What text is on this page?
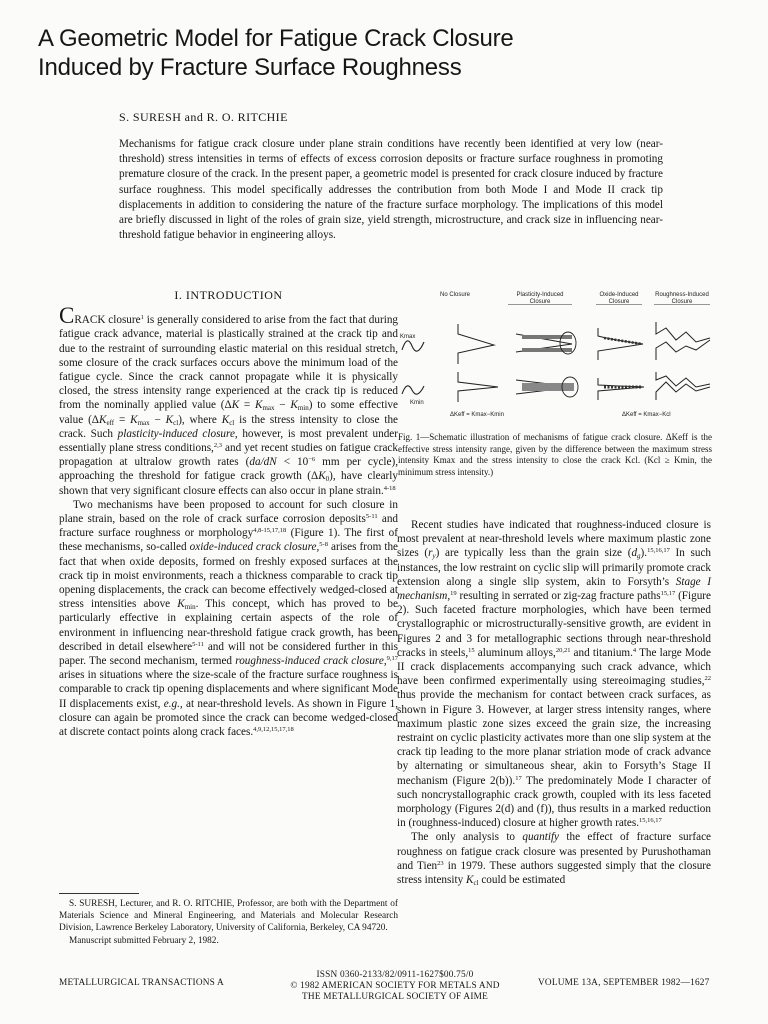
A Geometric Model for Fatigue Crack Closure
Induced by Fracture Surface Roughness
S. SURESH and R. O. RITCHIE
Mechanisms for fatigue crack closure under plane strain conditions have recently been identified at very low (near-threshold) stress intensities in terms of effects of excess corrosion deposits or fracture surface roughness in promoting premature closure of the crack. In the present paper, a geometric model is presented for crack closure induced by fracture surface roughness. This model specifically addresses the contribution from both Mode I and Mode II crack tip displacements in addition to considering the nature of the fracture surface morphology. The implications of this model are briefly discussed in light of the roles of grain size, yield strength, microstructure, and crack size in influencing near-threshold fatigue behavior in engineering alloys.
I. INTRODUCTION

CRACK closure$^1$ is generally considered to arise from the fact that during fatigue crack advance, material is plastically strained at the crack tip and due to the restraint of surrounding elastic material on this residual stretch, some closure of the crack surfaces occurs above the minimum load of the fatigue cycle. Since the crack cannot propagate while it is physically closed, the stress intensity range experienced at the crack tip is reduced from the nominally applied value $(\Delta K = K_{max} - K_{min})$ to some effective value $(\Delta K_{eff} = K_{max} - K_{cl})$, where $K_{cl}$ is the stress intensity to close the crack. Such plasticity-induced closure, however, is most prevalent under essentially plane stress conditions,$^{2,3}$ and yet recent studies on fatigue crack propagation at ultralow growth rates ($da/dN < 10^{-6}$ mm per cycle), approaching the threshold for fatigue crack growth $(\Delta K_0)$, have clearly shown that very significant closure effects can also occur in plane strain.$^{4-18}$

Two mechanisms have been proposed to account for such closure in plane strain, based on the role of crack surface corrosion deposits$^{5-11}$ and fracture surface roughness or morphology$^{4,8-15,17,18}$ (Figure 1). The first of these mechanisms, so-called oxide-induced crack closure,$^{5-8}$ arises from the fact that when oxide deposits, formed on freshly exposed surfaces at the crack tip in moist environments, reach a thickness comparable to crack tip opening displacements, the crack can become effectively wedged-closed at stress intensities above $K_{min}$. This concept, which has proved to be particularly effective in explaining certain aspects of the role of environment in influencing near-threshold fatigue crack growth, has been described in detail elsewhere$^{5-11}$ and will not be considered further in this paper. The second mechanism, termed roughness-induced crack closure,$^{9,17}$ arises in situations where the size-scale of the fracture surface roughness is comparable to crack tip opening displacements and where significant Mode II displacements exist, e.g., at near-threshold levels. As shown in Figure 1, closure can again be promoted since the crack can become wedged-closed at discrete contact points along crack faces.$^{4,9,12,15,17,18}$

No Closure	Plasticity-Induced
Closure
Oxide-Induced
Closure
Roughness-Induced
Closure
Kmax
Kmin
ΔKeff = Kmax−Kmin	ΔKeff = Kmax−Kcl
Fig. 1—Schematic illustration of mechanisms of fatigue crack closure. ΔKeff is the effective stress intensity range, given by the difference between the maximum stress intensity Kmax and the stress intensity to close the crack Kcl. (Kcl ≥ Kmin, the minimum stress intensity.)

Recent studies have indicated that roughness-induced closure is most prevalent at near-threshold levels where maximum plastic zone sizes $(r_y)$ are typically less than the grain size $(d_g).^{15,16,17}$ In such instances, the low restraint on cyclic slip will primarily promote crack extension along a single slip system, akin to Forsyth’s Stage I mechanism,$^{19}$ resulting in serrated or zig-zag fracture paths$^{15,17}$ (Figure 2). Such faceted fracture morphologies, which have been termed crystallographic or microstructurally-sensitive growth, are evident in Figures 2 and 3 for metallographic sections through near-threshold cracks in steels,$^{15}$ aluminum alloys,$^{20,21}$ and titanium.$^4$ The large Mode II crack displacements accompanying such crack advance, which have been confirmed experimentally using stereoimaging studies,$^{22}$ thus provide the mechanism for contact between crack surfaces, as shown in Figure 3. However, at larger stress intensity ranges, where maximum plastic zone sizes exceed the grain size, the increasing restraint on cyclic plasticity activates more than one slip system at the crack tip leading to the more planar striation mode of crack advance by alternating or simultaneous shear, akin to Forsyth’s Stage II mechanism (Figure 2(b)).$^{17}$ The predominately Mode I character of such noncrystallographic crack growth, coupled with its less faceted morphology (Figures 2(d) and (f)), thus results in a marked reduction in (roughness-induced) closure at higher growth rates.$^{15,16,17}$

The only analysis to quantify the effect of fracture surface roughness on fatigue crack closure was presented by Purushothaman and Tien$^{23}$ in 1979. These authors suggested simply that the closure stress intensity $K_{cl}$ could be estimated

S. SURESH, Lecturer, and R. O. RITCHIE, Professor, are both with the Department of Materials Science and Mineral Engineering, and Materials and Molecular Research Division, Lawrence Berkeley Laboratory, University of California, Berkeley, CA 94720.

Manuscript submitted February 2, 1982.

METALLURGICAL TRANSACTIONS A
ISSN 0360-2133/82/0911-1627$00.75/0
© 1982 AMERICAN SOCIETY FOR METALS AND
THE METALLURGICAL SOCIETY OF AIME
VOLUME 13A, SEPTEMBER 1982—1627
